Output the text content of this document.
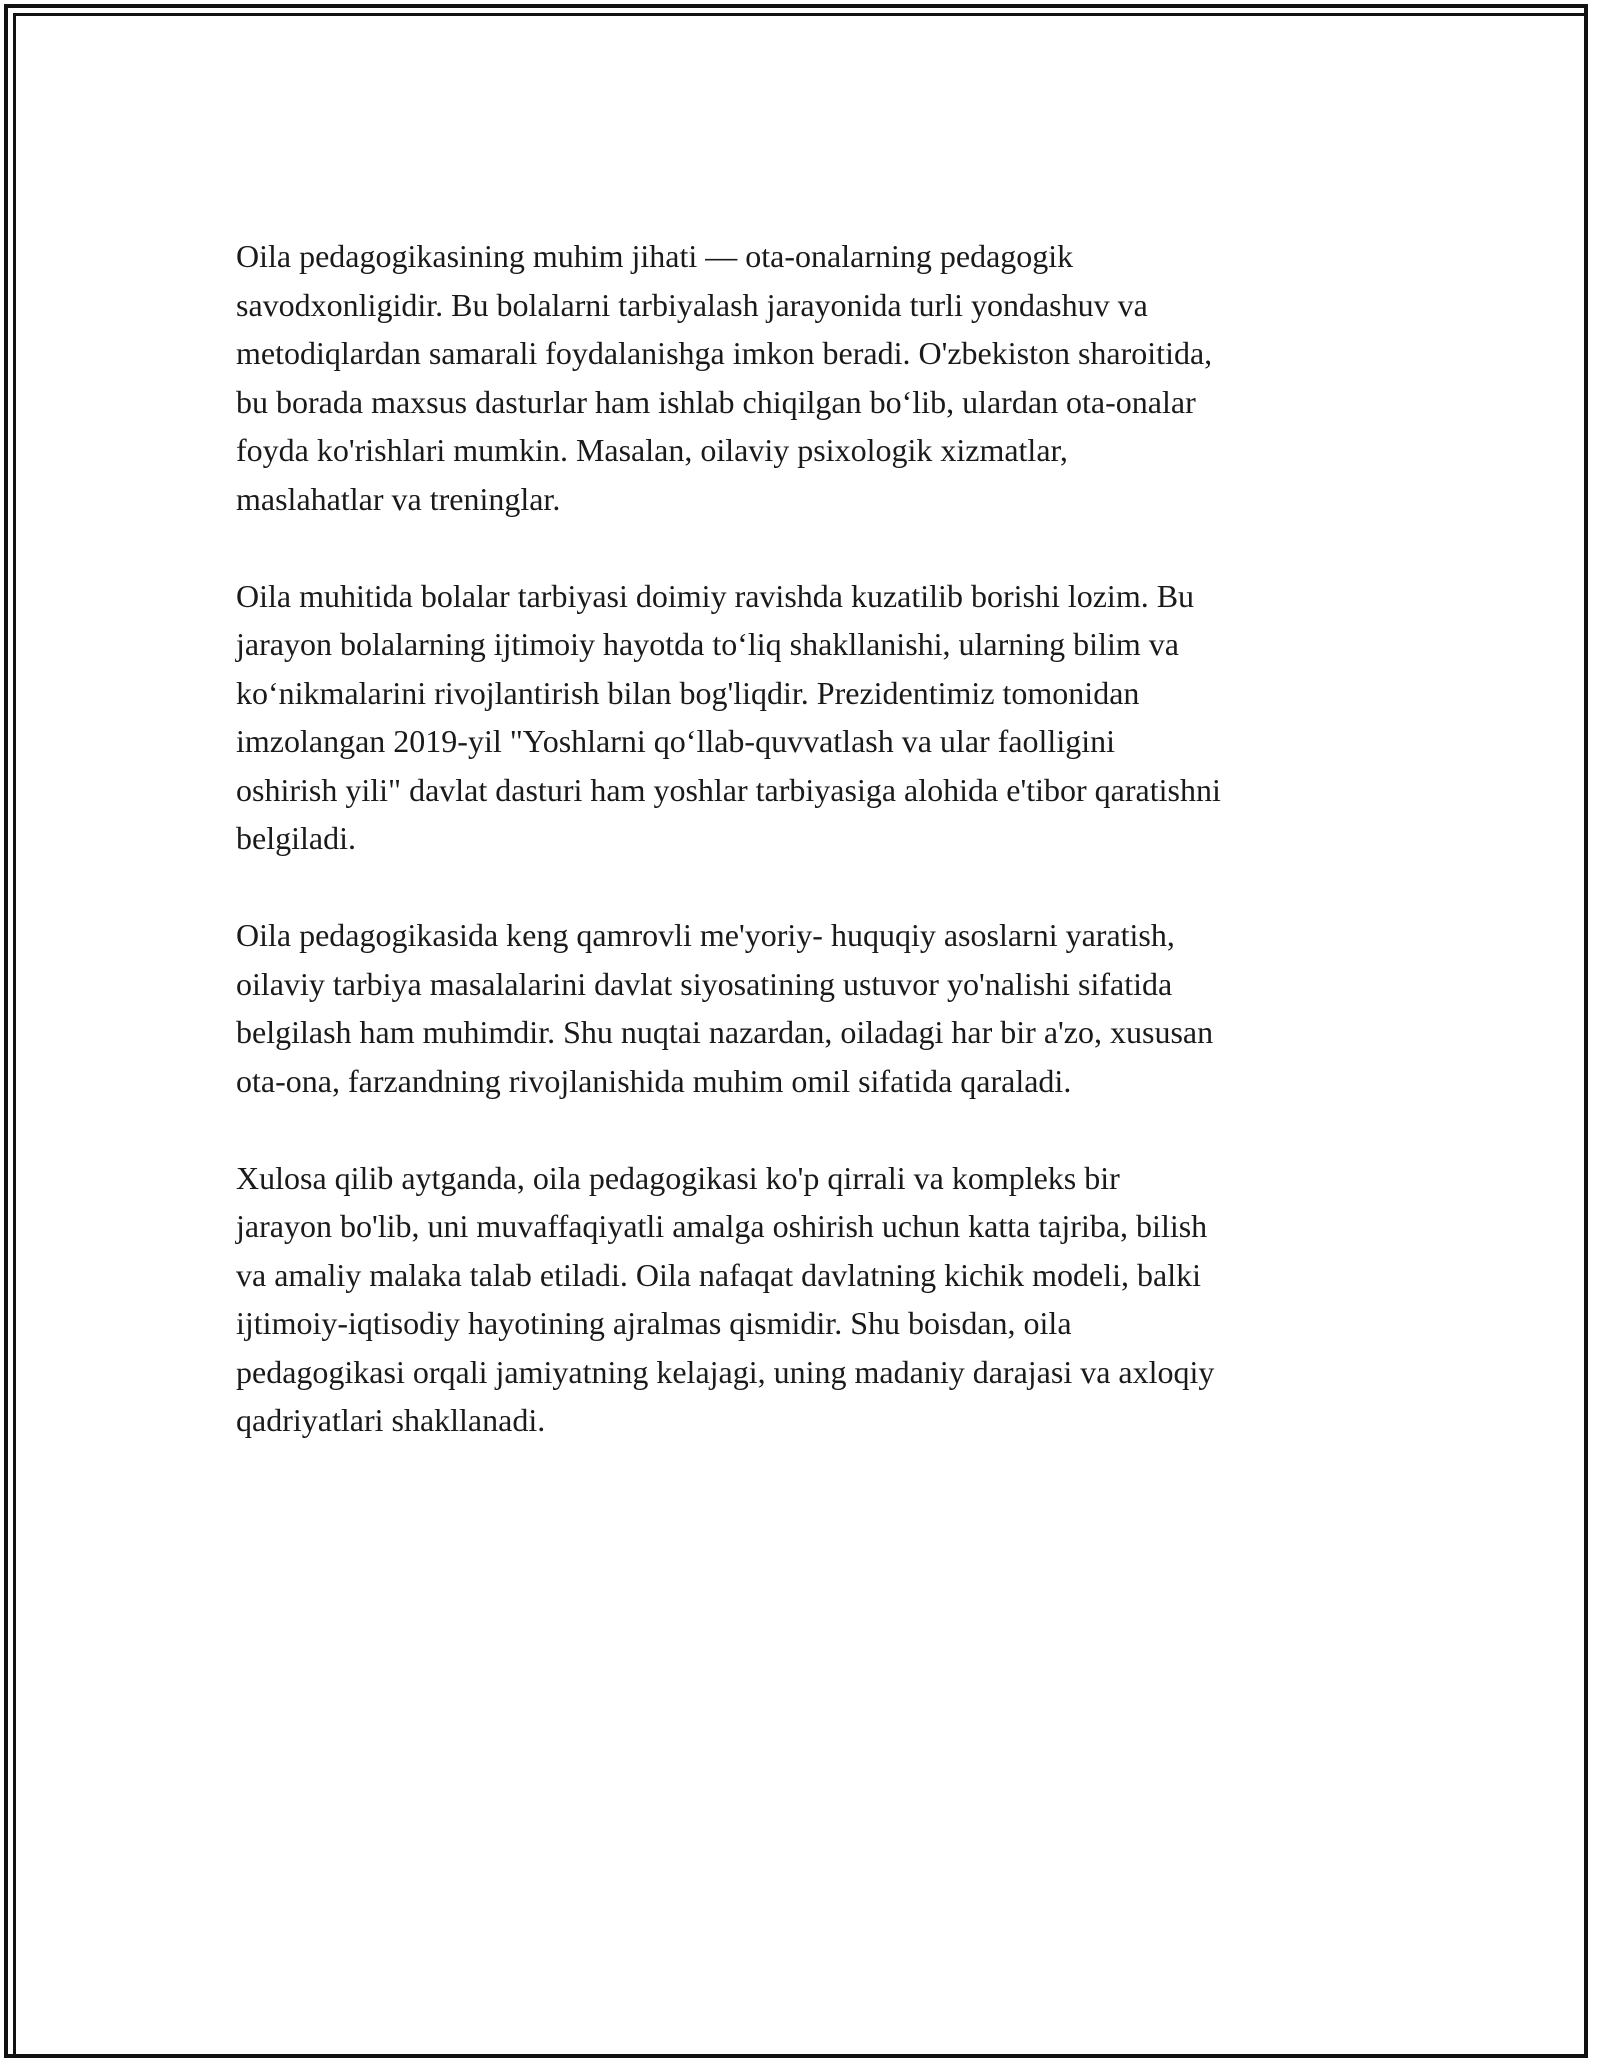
Oila pedagogikasining muhim jihati — ota-onalarning pedagogik
savodxonligidir. Bu bolalarni tarbiyalash jarayonida turli yondashuv va
metodiqlardan samarali foydalanishga imkon beradi. O'zbekiston sharoitida,
bu borada maxsus dasturlar ham ishlab chiqilgan bo‘lib, ulardan ota-onalar
foyda ko'rishlari mumkin. Masalan, oilaviy psixologik xizmatlar,
maslahatlar va treninglar.

Oila muhitida bolalar tarbiyasi doimiy ravishda kuzatilib borishi lozim. Bu
jarayon bolalarning ijtimoiy hayotda to‘liq shakllanishi, ularning bilim va
ko‘nikmalarini rivojlantirish bilan bog'liqdir. Prezidentimiz tomonidan
imzolangan 2019-yil "Yoshlarni qo‘llab-quvvatlash va ular faolligini
oshirish yili" davlat dasturi ham yoshlar tarbiyasiga alohida e'tibor qaratishni
belgiladi.

Oila pedagogikasida keng qamrovli me'yoriy- huquqiy asoslarni yaratish,
oilaviy tarbiya masalalarini davlat siyosatining ustuvor yo'nalishi sifatida
belgilash ham muhimdir. Shu nuqtai nazardan, oiladagi har bir a'zo, xususan
ota-ona, farzandning rivojlanishida muhim omil sifatida qaraladi.

Xulosa qilib aytganda, oila pedagogikasi ko'p qirrali va kompleks bir
jarayon bo'lib, uni muvaffaqiyatli amalga oshirish uchun katta tajriba, bilish
va amaliy malaka talab etiladi. Oila nafaqat davlatning kichik modeli, balki
ijtimoiy-iqtisodiy hayotining ajralmas qismidir. Shu boisdan, oila
pedagogikasi orqali jamiyatning kelajagi, uning madaniy darajasi va axloqiy
qadriyatlari shakllanadi.
